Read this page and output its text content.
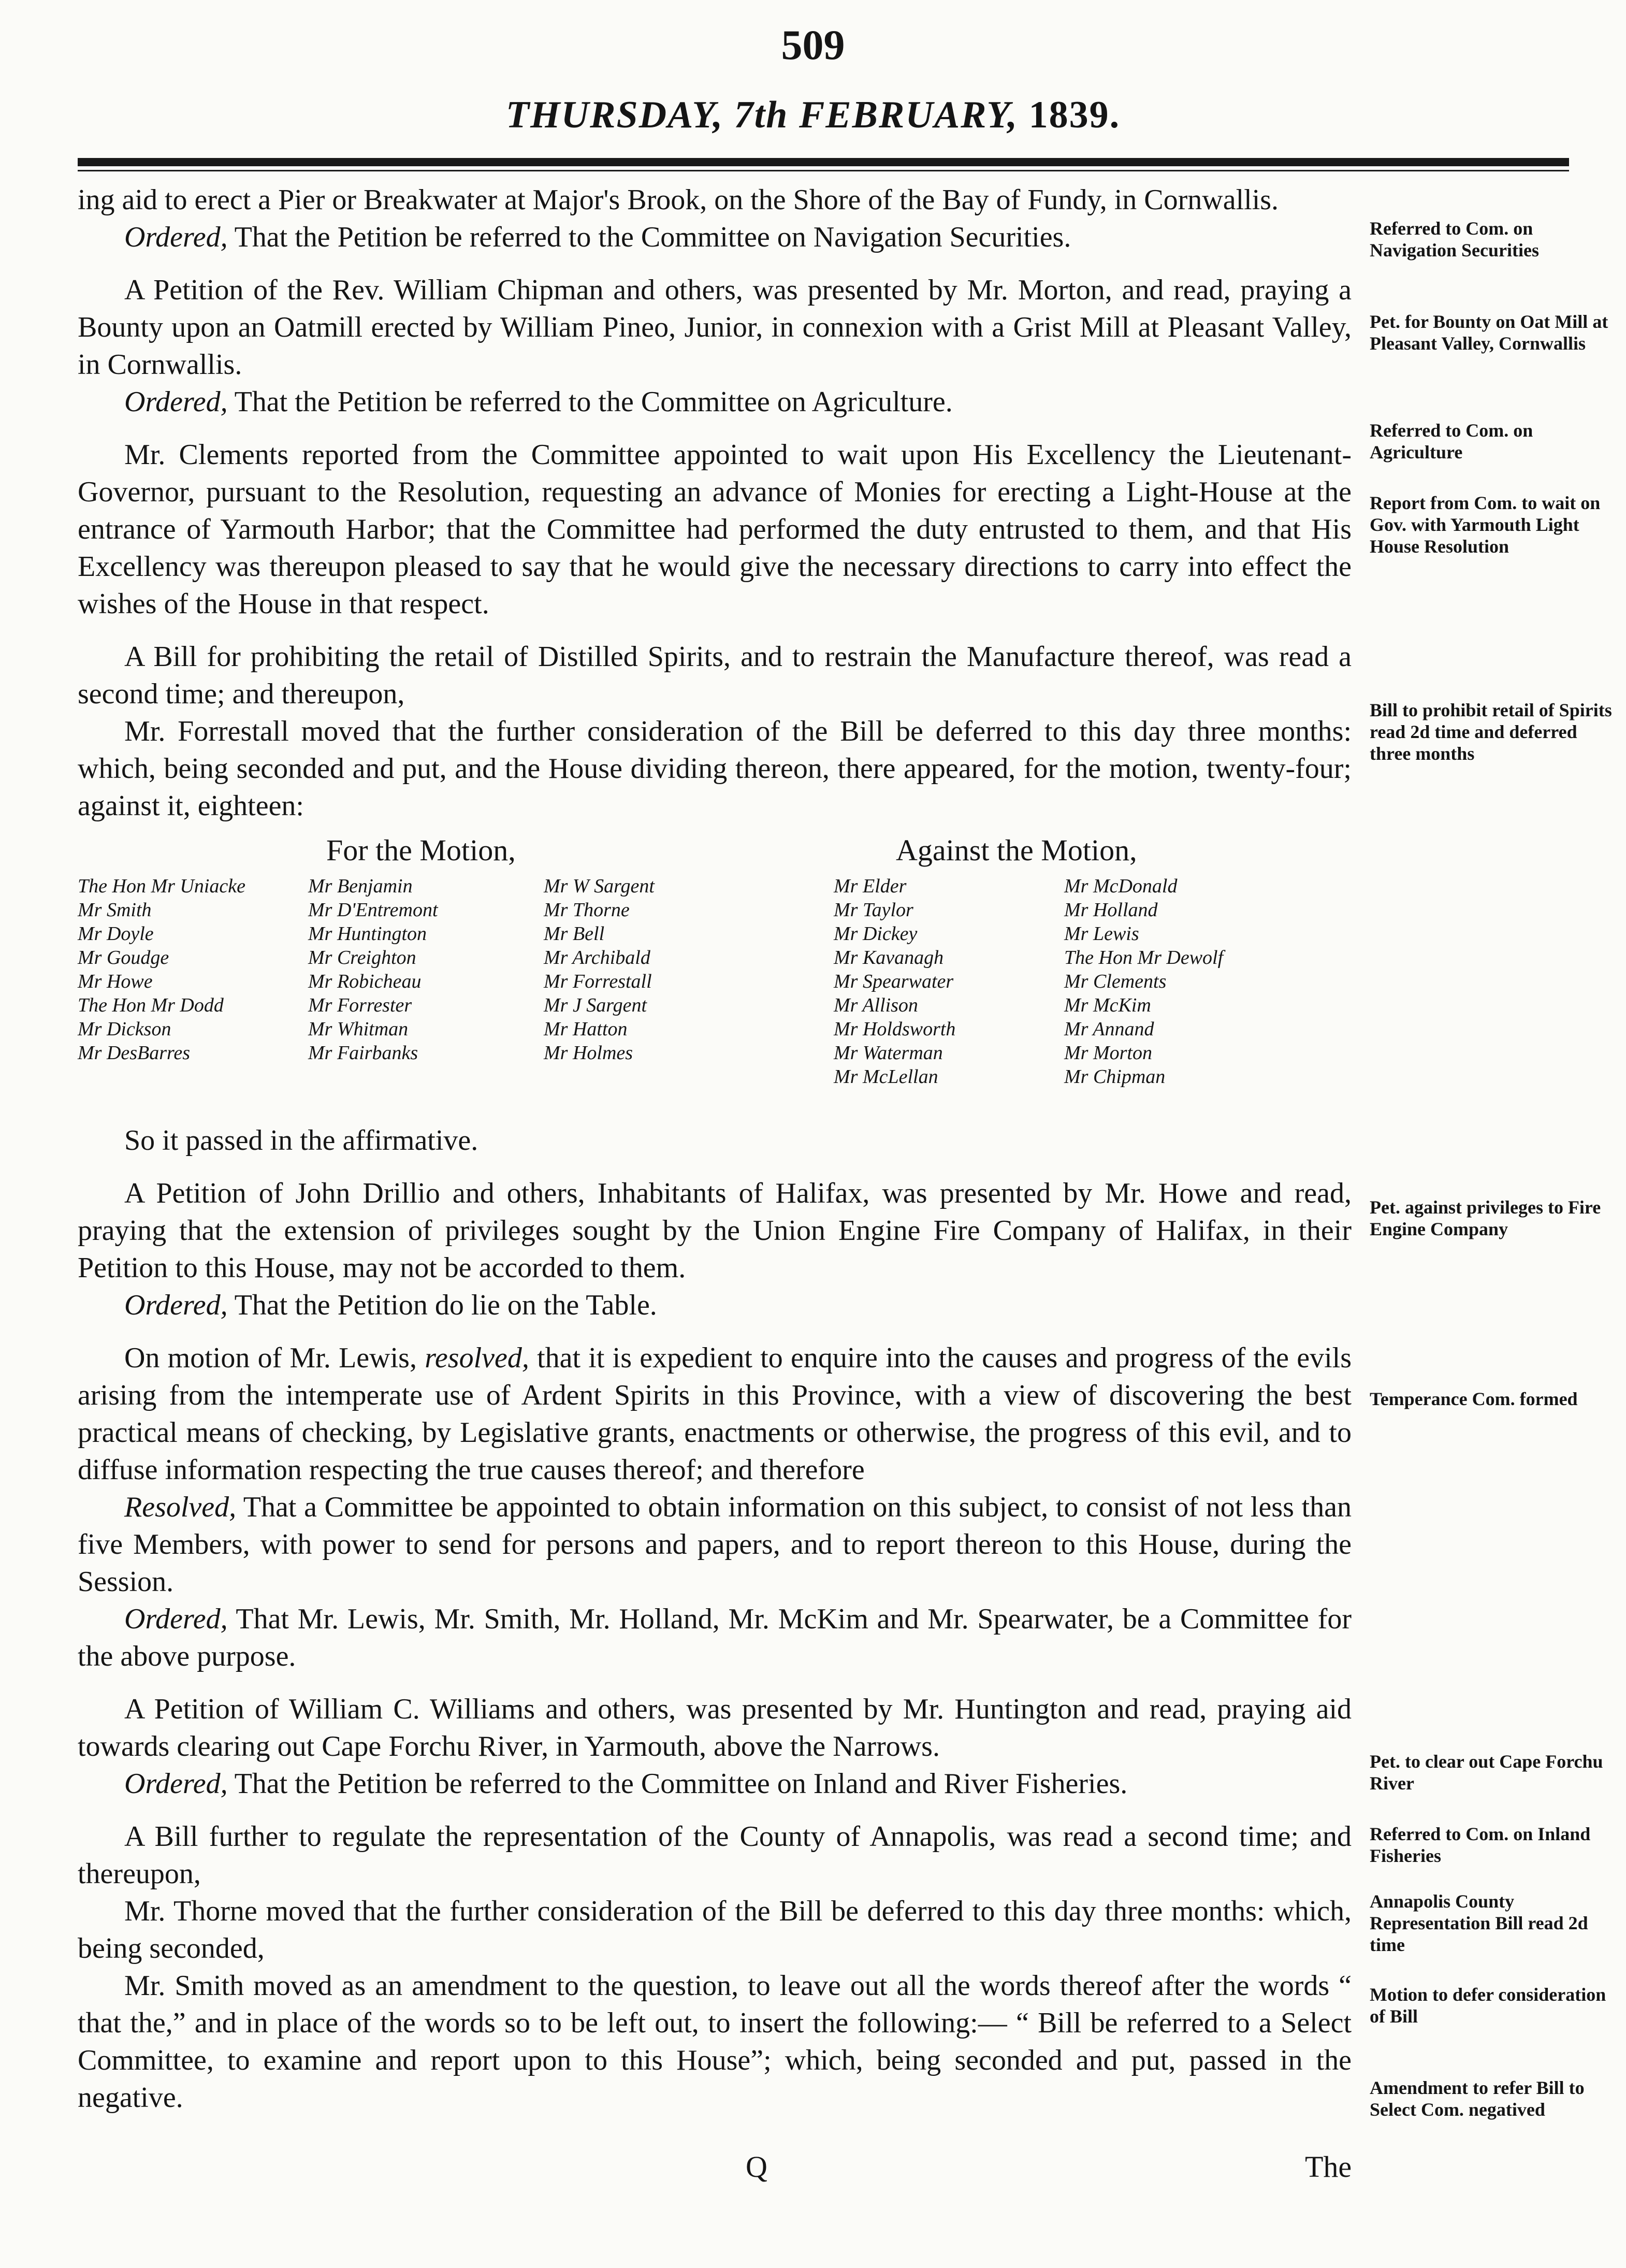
509
THURSDAY, 7th FEBRUARY, 1839.

ing aid to erect a Pier or Breakwater at Major's Brook, on the Shore of the Bay of Fundy, in Cornwallis.

Ordered, That the Petition be referred to the Committee on Navigation Securities.

A Petition of the Rev. William Chipman and others, was presented by Mr. Morton, and read, praying a Bounty upon an Oatmill erected by William Pineo, Junior, in connexion with a Grist Mill at Pleasant Valley, in Cornwallis.

Ordered, That the Petition be referred to the Committee on Agriculture.

Mr. Clements reported from the Committee appointed to wait upon His Excellency the Lieutenant-Governor, pursuant to the Resolution, requesting an advance of Monies for erecting a Light-House at the entrance of Yarmouth Harbor; that the Committee had performed the duty entrusted to them, and that His Excellency was thereupon pleased to say that he would give the necessary directions to carry into effect the wishes of the House in that respect.

A Bill for prohibiting the retail of Distilled Spirits, and to restrain the Manufacture thereof, was read a second time; and thereupon,

Mr. Forrestall moved that the further consideration of the Bill be deferred to this day three months: which, being seconded and put, and the House dividing thereon, there appeared, for the motion, twenty-four; against it, eighteen:

For the Motion,	Against the Motion,
The Hon Mr Uniacke
Mr Smith
Mr Doyle
Mr Goudge
Mr Howe
The Hon Mr Dodd
Mr Dickson
Mr DesBarres
Mr Benjamin
Mr D'Entremont
Mr Huntington
Mr Creighton
Mr Robicheau
Mr Forrester
Mr Whitman
Mr Fairbanks
Mr W Sargent
Mr Thorne
Mr Bell
Mr Archibald
Mr Forrestall
Mr J Sargent
Mr Hatton
Mr Holmes
Mr Elder
Mr Taylor
Mr Dickey
Mr Kavanagh
Mr Spearwater
Mr Allison
Mr Holdsworth
Mr Waterman
Mr McLellan
Mr McDonald
Mr Holland
Mr Lewis
The Hon Mr Dewolf
Mr Clements
Mr McKim
Mr Annand
Mr Morton
Mr Chipman

So it passed in the affirmative.

A Petition of John Drillio and others, Inhabitants of Halifax, was presented by Mr. Howe and read, praying that the extension of privileges sought by the Union Engine Fire Company of Halifax, in their Petition to this House, may not be accorded to them.

Ordered, That the Petition do lie on the Table.

On motion of Mr. Lewis, resolved, that it is expedient to enquire into the causes and progress of the evils arising from the intemperate use of Ardent Spirits in this Province, with a view of discovering the best practical means of checking, by Legislative grants, enactments or otherwise, the progress of this evil, and to diffuse information respecting the true causes thereof; and therefore

Resolved, That a Committee be appointed to obtain information on this subject, to consist of not less than five Members, with power to send for persons and papers, and to report thereon to this House, during the Session.

Ordered, That Mr. Lewis, Mr. Smith, Mr. Holland, Mr. McKim and Mr. Spearwater, be a Committee for the above purpose.

A Petition of William C. Williams and others, was presented by Mr. Huntington and read, praying aid towards clearing out Cape Forchu River, in Yarmouth, above the Narrows.

Ordered, That the Petition be referred to the Committee on Inland and River Fisheries.

A Bill further to regulate the representation of the County of Annapolis, was read a second time; and thereupon,

Mr. Thorne moved that the further consideration of the Bill be deferred to this day three months: which, being seconded,

Mr. Smith moved as an amendment to the question, to leave out all the words thereof after the words “ that the,” and in place of the words so to be left out, to insert the following:— “ Bill be referred to a Select Committee, to examine and report upon to this House”; which, being seconded and put, passed in the negative.

Referred to Com. on Navigation Securities

Pet. for Bounty on Oat Mill at Pleasant Valley, Cornwallis

Referred to Com. on Agriculture

Report from Com. to wait on Gov. with Yarmouth Light House Resolution

Bill to prohibit retail of Spirits read 2d time and deferred three months

Pet. against privileges to Fire Engine Company

Temperance Com. formed

Pet. to clear out Cape Forchu River

Referred to Com. on Inland Fisheries

Annapolis County Representation Bill read 2d time

Motion to defer consideration of Bill

Amendment to refer Bill to Select Com. negatived

Q	The
